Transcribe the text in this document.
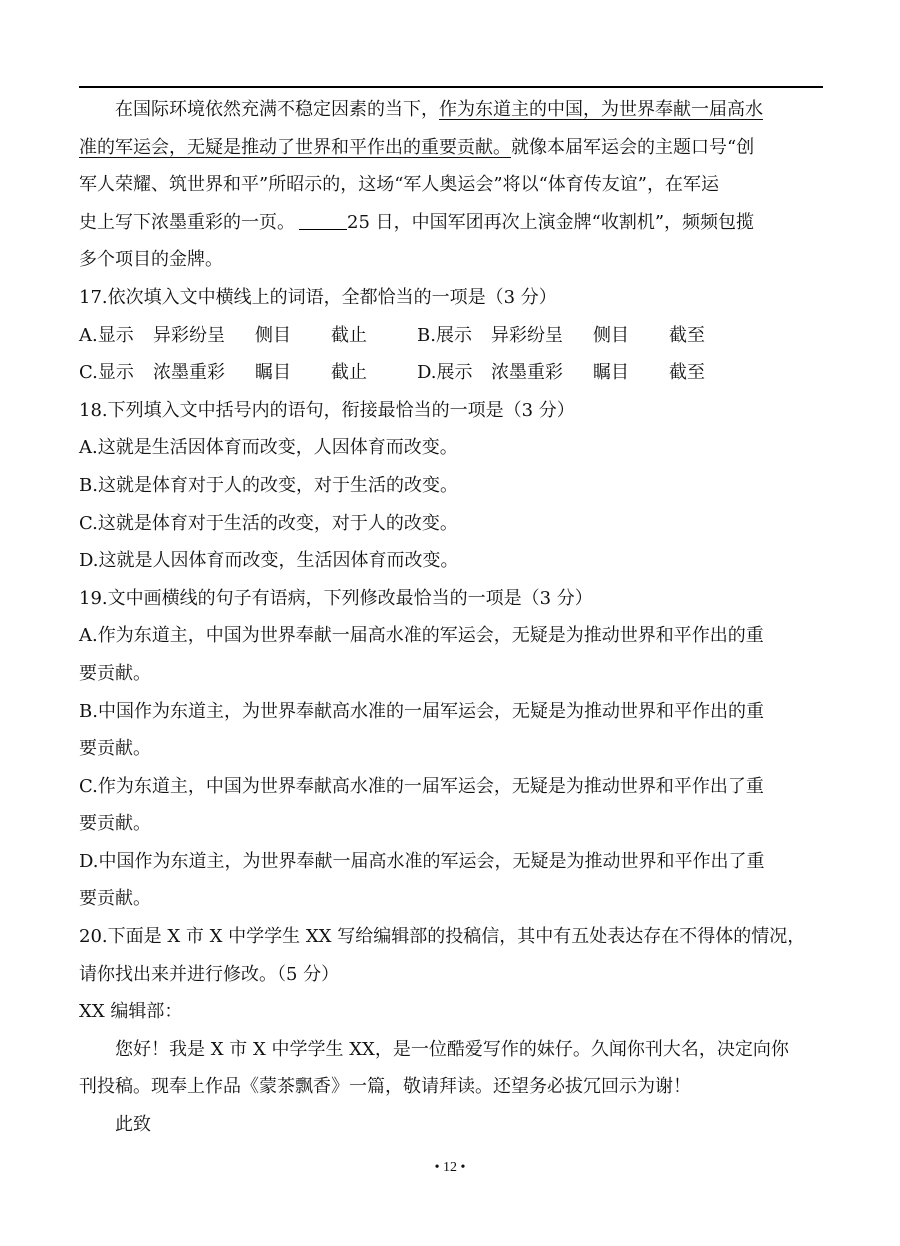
在国际环境依然充满不稳定因素的当下，作为东道主的中国，为世界奉献一届高水
准的军运会，无疑是推动了世界和平作出的重要贡献。就像本届军运会的主题口号“创
军人荣耀、筑世界和平”所昭示的，这场“军人奥运会”将以“体育传友谊”，在军运
史上写下浓墨重彩的一页。	25 日，中国军团再次上演金牌“收割机”，频频包揽
多个项目的金牌。
17.依次填入文中横线上的词语，全都恰当的一项是（3 分）
A.显示	异彩纷呈	侧目	截止	B.展示	异彩纷呈	侧目	截至
C.显示	浓墨重彩	瞩目	截止	D.展示	浓墨重彩	瞩目	截至
18.下列填入文中括号内的语句，衔接最恰当的一项是（3 分）
A.这就是生活因体育而改变，人因体育而改变。
B.这就是体育对于人的改变，对于生活的改变。
C.这就是体育对于生活的改变，对于人的改变。
D.这就是人因体育而改变，生活因体育而改变。
19.文中画横线的句子有语病，下列修改最恰当的一项是（3 分）
A.作为东道主，中国为世界奉献一届高水准的军运会，无疑是为推动世界和平作出的重
要贡献。
B.中国作为东道主，为世界奉献高水准的一届军运会，无疑是为推动世界和平作出的重
要贡献。
C.作为东道主，中国为世界奉献高水准的一届军运会，无疑是为推动世界和平作出了重
要贡献。
D.中国作为东道主，为世界奉献一届高水准的军运会，无疑是为推动世界和平作出了重
要贡献。
20.下面是 X 市 X 中学学生 XX 写给编辑部的投稿信，其中有五处表达存在不得体的情况，
请你找出来并进行修改。（5 分）
XX 编辑部：
您好！我是 X 市 X 中学学生 XX，是一位酷爱写作的妹仔。久闻你刊大名，决定向你
刊投稿。现奉上作品《蒙茶飘香》一篇，敬请拜读。还望务必拔冗回示为谢！
此致
• 12 •
